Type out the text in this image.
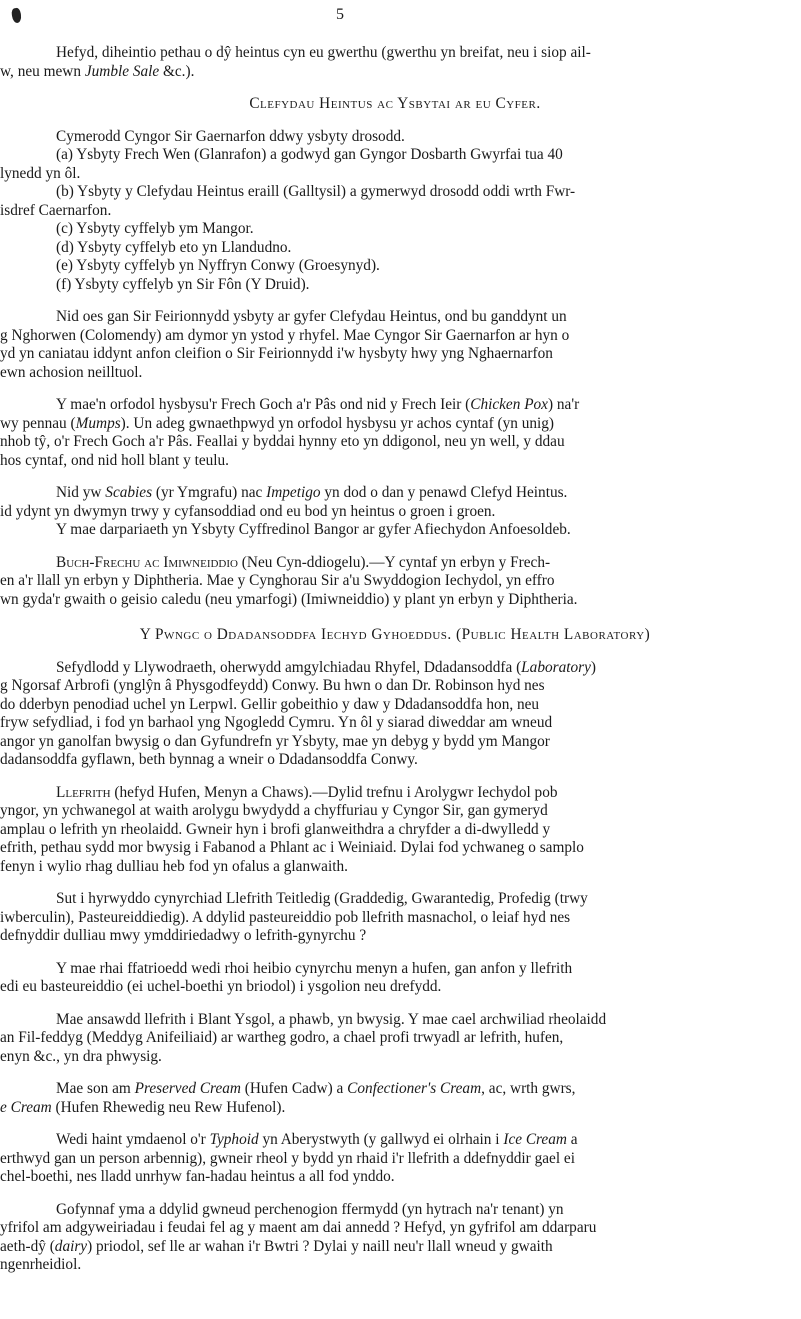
5

Hefyd, diheintio pethau o dŷ heintus cyn eu gwerthu (gwerthu yn breifat, neu i siop ail-

w, neu mewn Jumble Sale &c.).

Clefydau Heintus ac Ysbytai ar eu Cyfer.

Cymerodd Cyngor Sir Gaernarfon ddwy ysbyty drosodd.

(a) Ysbyty Frech Wen (Glanrafon) a godwyd gan Gyngor Dosbarth Gwyrfai tua 40

lynedd yn ôl.

(b) Ysbyty y Clefydau Heintus eraill (Galltysil) a gymerwyd drosodd oddi wrth Fwr-

isdref Caernarfon.

(c) Ysbyty cyffelyb ym Mangor.

(d) Ysbyty cyffelyb eto yn Llandudno.

(e) Ysbyty cyffelyb yn Nyffryn Conwy (Groesynyd).

(f) Ysbyty cyffelyb yn Sir Fôn (Y Druid).

Nid oes gan Sir Feirionnydd ysbyty ar gyfer Clefydau Heintus, ond bu ganddynt un

g Nghorwen (Colomendy) am dymor yn ystod y rhyfel. Mae Cyngor Sir Gaernarfon ar hyn o

yd yn caniatau iddynt anfon cleifion o Sir Feirionnydd i'w hysbyty hwy yng Nghaernarfon

ewn achosion neilltuol.

Y mae'n orfodol hysbysu'r Frech Goch a'r Pâs ond nid y Frech Ieir (Chicken Pox) na'r

wy pennau (Mumps). Un adeg gwnaethpwyd yn orfodol hysbysu yr achos cyntaf (yn unig)

nhob tŷ, o'r Frech Goch a'r Pâs. Feallai y byddai hynny eto yn ddigonol, neu yn well, y ddau

hos cyntaf, ond nid holl blant y teulu.

Nid yw Scabies (yr Ymgrafu) nac Impetigo yn dod o dan y penawd Clefyd Heintus.

id ydynt yn dwymyn trwy y cyfansoddiad ond eu bod yn heintus o groen i groen.

Y mae darpariaeth yn Ysbyty Cyffredinol Bangor ar gyfer Afiechydon Anfoesoldeb.

Buch-Frechu ac Imiwneiddio (Neu Cyn-ddiogelu).—Y cyntaf yn erbyn y Frech-

en a'r llall yn erbyn y Diphtheria. Mae y Cynghorau Sir a'u Swyddogion Iechydol, yn effro

wn gyda'r gwaith o geisio caledu (neu ymarfogi) (Imiwneiddio) y plant yn erbyn y Diphtheria.

Y Pwngc o Ddadansoddfa Iechyd Gyhoeddus. (Public Health Laboratory)

Sefydlodd y Llywodraeth, oherwydd amgylchiadau Rhyfel, Ddadansoddfa (Laboratory)

g Ngorsaf Arbrofi (ynglŷn â Physgodfeydd) Conwy. Bu hwn o dan Dr. Robinson hyd nes

do dderbyn penodiad uchel yn Lerpwl. Gellir gobeithio y daw y Ddadansoddfa hon, neu

fryw sefydliad, i fod yn barhaol yng Ngogledd Cymru. Yn ôl y siarad diweddar am wneud

angor yn ganolfan bwysig o dan Gyfundrefn yr Ysbyty, mae yn debyg y bydd ym Mangor

dadansoddfa gyflawn, beth bynnag a wneir o Ddadansoddfa Conwy.

Llefrith (hefyd Hufen, Menyn a Chaws).—Dylid trefnu i Arolygwr Iechydol pob

yngor, yn ychwanegol at waith arolygu bwydydd a chyffuriau y Cyngor Sir, gan gymeryd

amplau o lefrith yn rheolaidd. Gwneir hyn i brofi glanweithdra a chryfder a di-dwylledd y

efrith, pethau sydd mor bwysig i Fabanod a Phlant ac i Weiniaid. Dylai fod ychwaneg o samplo

fenyn i wylio rhag dulliau heb fod yn ofalus a glanwaith.

Sut i hyrwyddo cynyrchiad Llefrith Teitledig (Graddedig, Gwarantedig, Profedig (trwy

iwberculin), Pasteureiddiedig). A ddylid pasteureiddio pob llefrith masnachol, o leiaf hyd nes

defnyddir dulliau mwy ymddiriedadwy o lefrith-gynyrchu ?

Y mae rhai ffatrioedd wedi rhoi heibio cynyrchu menyn a hufen, gan anfon y llefrith

edi eu basteureiddio (ei uchel-boethi yn briodol) i ysgolion neu drefydd.

Mae ansawdd llefrith i Blant Ysgol, a phawb, yn bwysig. Y mae cael archwiliad rheolaidd

an Fil-feddyg (Meddyg Anifeiliaid) ar wartheg godro, a chael profi trwyadl ar lefrith, hufen,

enyn &c., yn dra phwysig.

Mae son am Preserved Cream (Hufen Cadw) a Confectioner's Cream, ac, wrth gwrs,

e Cream (Hufen Rhewedig neu Rew Hufenol).

Wedi haint ymdaenol o'r Typhoid yn Aberystwyth (y gallwyd ei olrhain i Ice Cream a

erthwyd gan un person arbennig), gwneir rheol y bydd yn rhaid i'r llefrith a ddefnyddir gael ei

chel-boethi, nes lladd unrhyw fan-hadau heintus a all fod ynddo.

Gofynnaf yma a ddylid gwneud perchenogion ffermydd (yn hytrach na'r tenant) yn

yfrifol am adgyweiriadau i feudai fel ag y maent am dai annedd ? Hefyd, yn gyfrifol am ddarparu

aeth-dŷ (dairy) priodol, sef lle ar wahan i'r Bwtri ? Dylai y naill neu'r llall wneud y gwaith

ngenrheidiol.
